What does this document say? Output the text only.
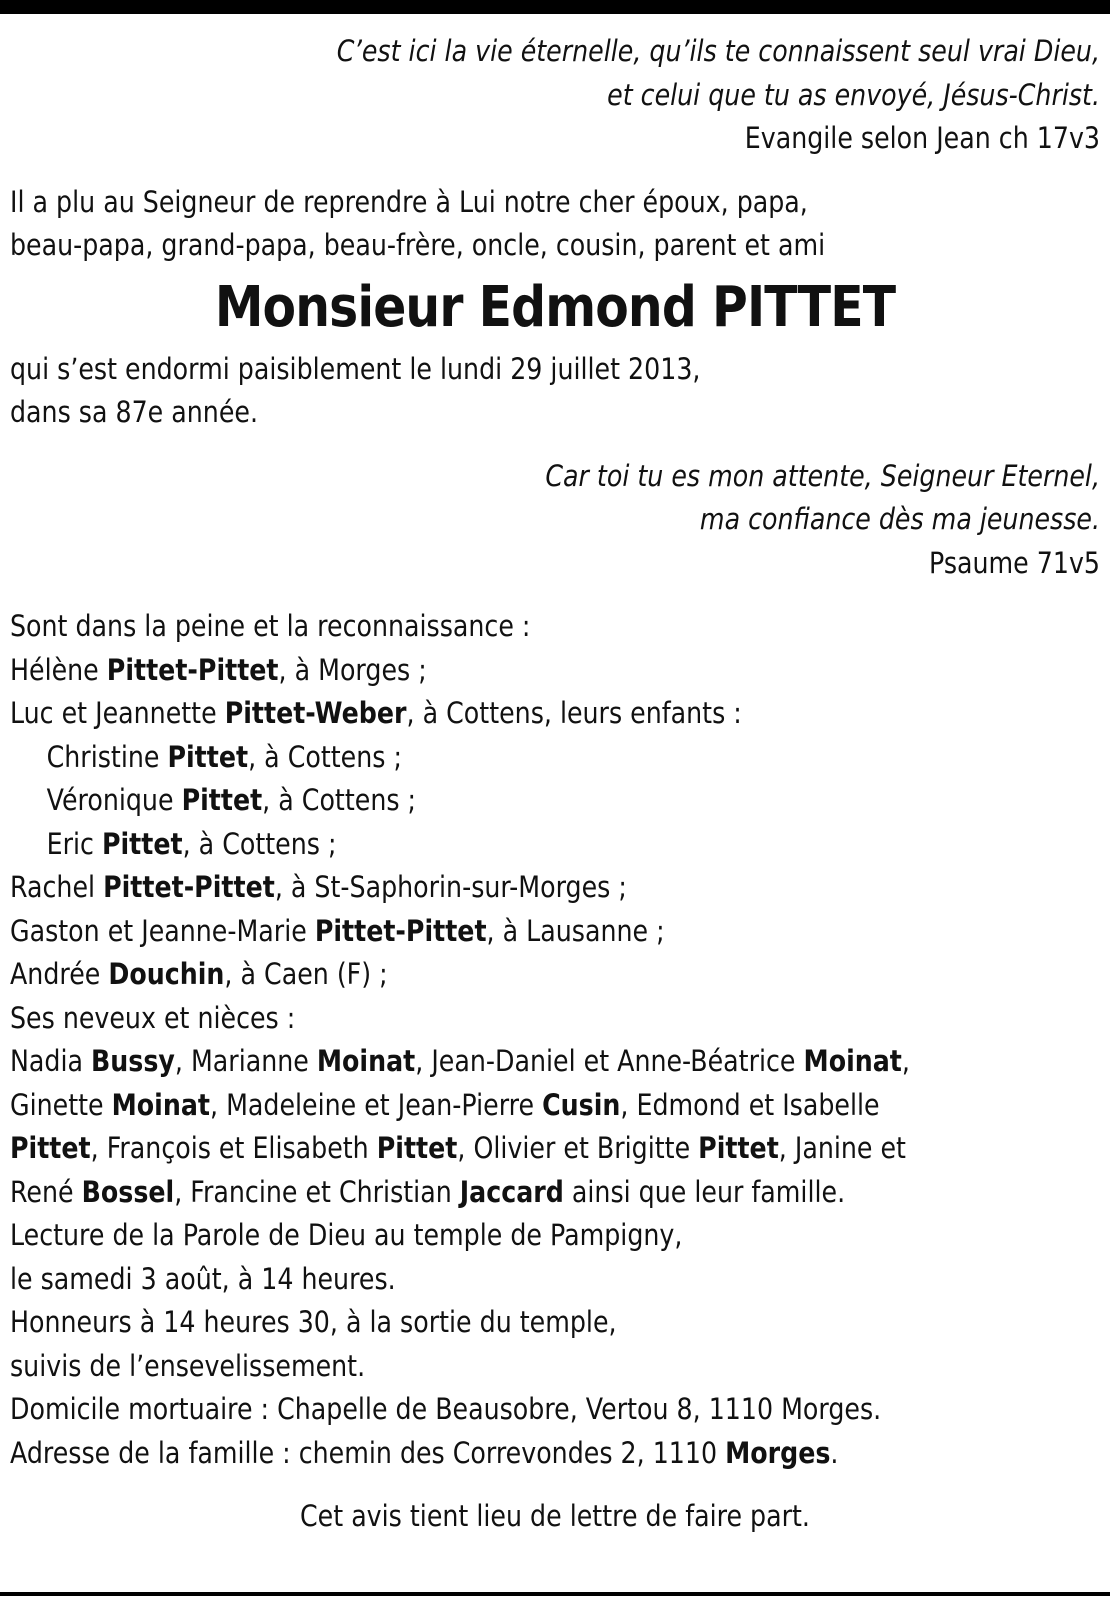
C’est ici la vie éternelle, qu’ils te connaissent seul vrai Dieu,
et celui que tu as envoyé, Jésus-Christ.
Evangile selon Jean ch 17v3
Il a plu au Seigneur de reprendre à Lui notre cher époux, papa,
beau-papa, grand-papa, beau-frère, oncle, cousin, parent et ami
Monsieur Edmond PITTET
qui s’est endormi paisiblement le lundi 29 juillet 2013,
dans sa 87e année.
Car toi tu es mon attente, Seigneur Eternel,
ma confiance dès ma jeunesse.
Psaume 71v5
Sont dans la peine et la reconnaissance :
Hélène Pittet-Pittet, à Morges ;
Luc et Jeannette Pittet-Weber, à Cottens, leurs enfants :
Christine Pittet, à Cottens ;
Véronique Pittet, à Cottens ;
Eric Pittet, à Cottens ;
Rachel Pittet-Pittet, à St-Saphorin-sur-Morges ;
Gaston et Jeanne-Marie Pittet-Pittet, à Lausanne ;
Andrée Douchin, à Caen (F) ;
Ses neveux et nièces :
Nadia Bussy, Marianne Moinat, Jean-Daniel et Anne-Béatrice Moinat,
Ginette Moinat, Madeleine et Jean-Pierre Cusin, Edmond et Isabelle
Pittet, François et Elisabeth Pittet, Olivier et Brigitte Pittet, Janine et
René Bossel, Francine et Christian Jaccard ainsi que leur famille.
Lecture de la Parole de Dieu au temple de Pampigny,
le samedi 3 août, à 14 heures.
Honneurs à 14 heures 30, à la sortie du temple,
suivis de l’ensevelissement.
Domicile mortuaire : Chapelle de Beausobre, Vertou 8, 1110 Morges.
Adresse de la famille : chemin des Correvondes 2, 1110 Morges.
Cet avis tient lieu de lettre de faire part.
